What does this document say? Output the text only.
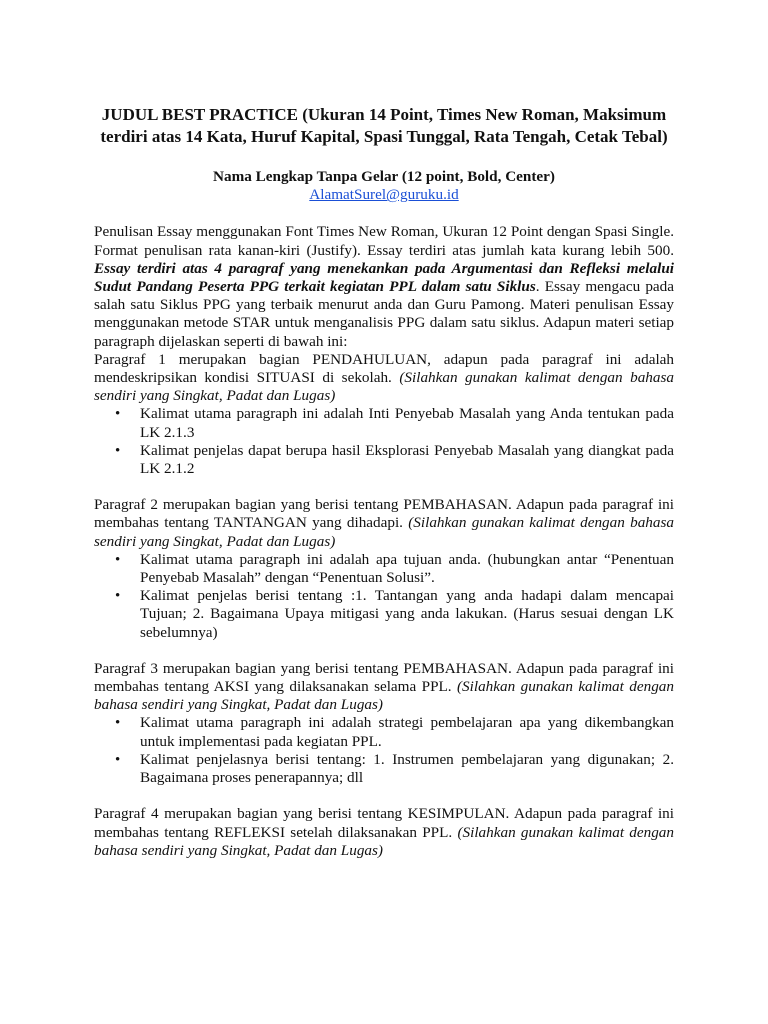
JUDUL BEST PRACTICE (Ukuran 14 Point, Times New Roman, Maksimum terdiri atas 14 Kata, Huruf Kapital, Spasi Tunggal, Rata Tengah, Cetak Tebal)
Nama Lengkap Tanpa Gelar (12 point, Bold, Center)
AlamatSurel@guruku.id

Penulisan Essay menggunakan Font Times New Roman, Ukuran 12 Point dengan Spasi Single. Format penulisan rata kanan-kiri (Justify). Essay terdiri atas jumlah kata kurang lebih 500. Essay terdiri atas 4 paragraf yang menekankan pada Argumentasi dan Refleksi melalui Sudut Pandang Peserta PPG terkait kegiatan PPL dalam satu Siklus. Essay mengacu pada salah satu Siklus PPG yang terbaik menurut anda dan Guru Pamong. Materi penulisan Essay menggunakan metode STAR untuk menganalisis PPG dalam satu siklus. Adapun materi setiap paragraph dijelaskan seperti di bawah ini:

Paragraf 1 merupakan bagian PENDAHULUAN, adapun pada paragraf ini adalah mendeskripsikan kondisi SITUASI di sekolah. (Silahkan gunakan kalimat dengan bahasa sendiri yang Singkat, Padat dan Lugas)

• Kalimat utama paragraph ini adalah Inti Penyebab Masalah yang Anda tentukan pada LK 2.1.3
• Kalimat penjelas dapat berupa hasil Eksplorasi Penyebab Masalah yang diangkat pada LK 2.1.2

Paragraf 2 merupakan bagian yang berisi tentang PEMBAHASAN. Adapun pada paragraf ini membahas tentang TANTANGAN yang dihadapi. (Silahkan gunakan kalimat dengan bahasa sendiri yang Singkat, Padat dan Lugas)

• Kalimat utama paragraph ini adalah apa tujuan anda. (hubungkan antar “Penentuan Penyebab Masalah” dengan “Penentuan Solusi”.
• Kalimat penjelas berisi tentang :1. Tantangan yang anda hadapi dalam mencapai Tujuan; 2. Bagaimana Upaya mitigasi yang anda lakukan. (Harus sesuai dengan LK sebelumnya)

Paragraf 3 merupakan bagian yang berisi tentang PEMBAHASAN. Adapun pada paragraf ini membahas tentang AKSI yang dilaksanakan selama PPL. (Silahkan gunakan kalimat dengan bahasa sendiri yang Singkat, Padat dan Lugas)

• Kalimat utama paragraph ini adalah strategi pembelajaran apa yang dikembangkan untuk implementasi pada kegiatan PPL.
• Kalimat penjelasnya berisi tentang: 1. Instrumen pembelajaran yang digunakan; 2. Bagaimana proses penerapannya; dll

Paragraf 4 merupakan bagian yang berisi tentang KESIMPULAN. Adapun pada paragraf ini membahas tentang REFLEKSI setelah dilaksanakan PPL. (Silahkan gunakan kalimat dengan bahasa sendiri yang Singkat, Padat dan Lugas)
